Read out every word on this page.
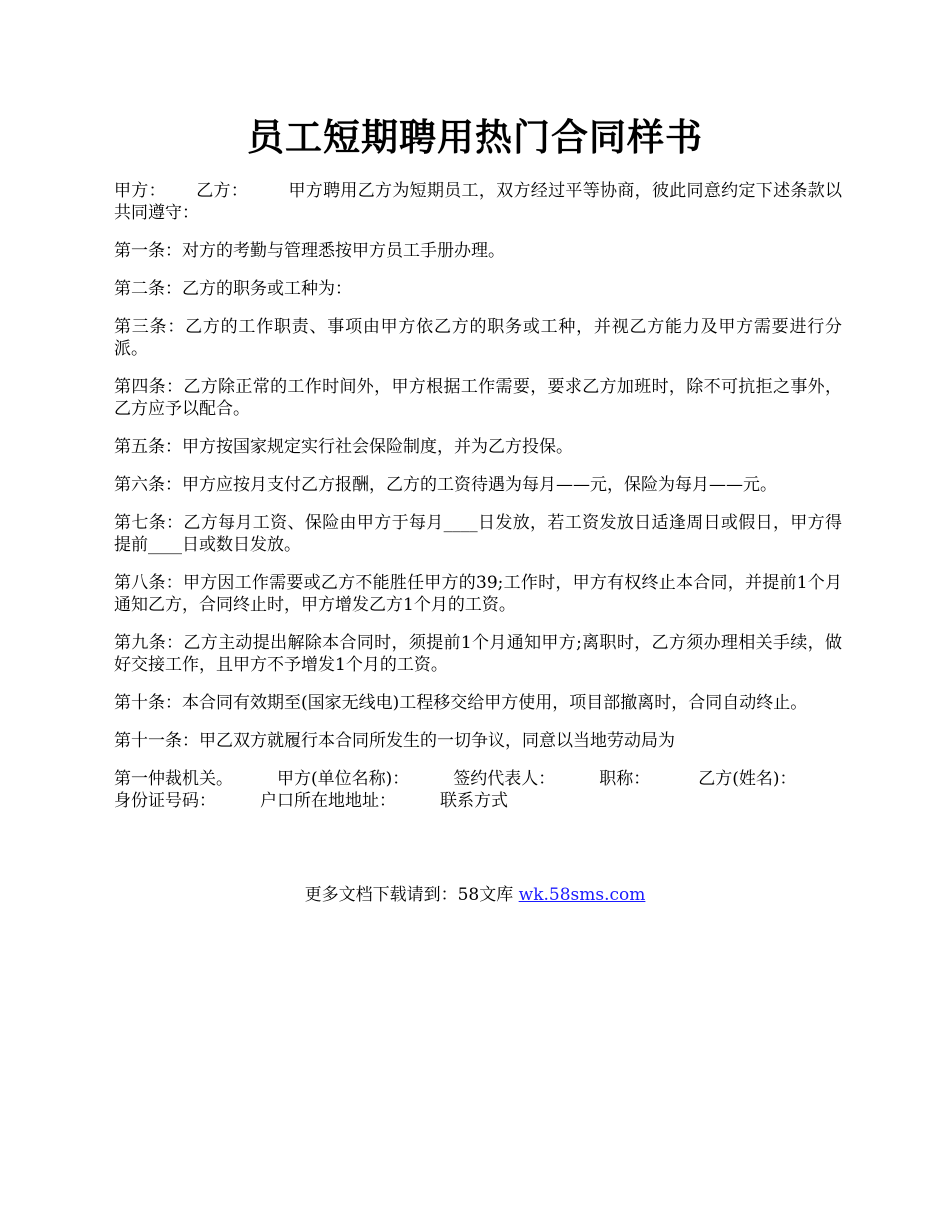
员工短期聘用热门合同样书

甲方： 乙方： 甲方聘用乙方为短期员工，双方经过平等协商，彼此同意约定下述条款以共同遵守：

第一条：对方的考勤与管理悉按甲方员工手册办理。

第二条：乙方的职务或工种为：

第三条：乙方的工作职责、事项由甲方依乙方的职务或工种，并视乙方能力及甲方需要进行分派。

第四条：乙方除正常的工作时间外，甲方根据工作需要，要求乙方加班时，除不可抗拒之事外，乙方应予以配合。

第五条：甲方按国家规定实行社会保险制度，并为乙方投保。

第六条：甲方应按月支付乙方报酬，乙方的工资待遇为每月——元，保险为每月——元。

第七条：乙方每月工资、保险由甲方于每月____日发放，若工资发放日适逢周日或假日，甲方得提前____日或数日发放。

第八条：甲方因工作需要或乙方不能胜任甲方的39;工作时，甲方有权终止本合同，并提前1个月通知乙方，合同终止时，甲方增发乙方1个月的工资。

第九条：乙方主动提出解除本合同时，须提前1个月通知甲方;离职时，乙方须办理相关手续，做好交接工作，且甲方不予增发1个月的工资。

第十条：本合同有效期至(国家无线电)工程移交给甲方使用，项目部撤离时，合同自动终止。

第十一条：甲乙双方就履行本合同所发生的一切争议，同意以当地劳动局为

第一仲裁机关。	甲方(单位名称)：	签约代表人：	职称：	乙方(姓名)：
身份证号码：	户口所在地地址：	联系方式

更多文档下载请到：58文库 wk.58sms.com
